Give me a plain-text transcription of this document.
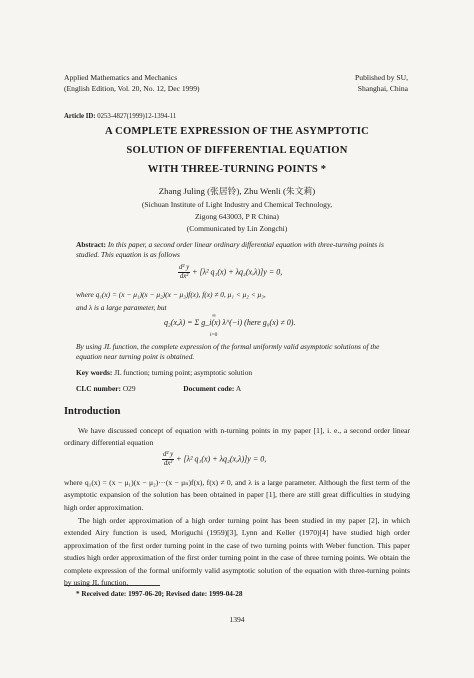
Applied Mathematics and Mechanics
(English Edition, Vol. 20, No. 12, Dec 1999)
Published by SU,
Shanghai, China
Article ID: 0253-4827(1999)12-1394-11
A COMPLETE EXPRESSION OF THE ASYMPTOTIC
SOLUTION OF DIFFERENTIAL EQUATION
WITH THREE-TURNING POINTS *
Zhang Juling (张居铃), Zhu Wenli (朱文莉)
(Sichuan Institute of Light Industry and Chemical Technology,
Zigong 643003, P R China)
(Communicated by Lin Zongchi)
Abstract: In this paper, a second order linear ordinary differential equation with three-turning points is studied. This equation is as follows
$\frac{\text{d² y}}{\text{dx²}} + [\lambda^2$ q₁(x) + λq₂(x,λ)]y = 0,
where q₁(x) = (x − μ₁)(x − μ₂)(x − μ₃)f(x), f(x) ≠ 0, μ₁ < μ₂ < μ₃,
and λ is a large parameter, but
q₂(x,λ) = Σ g_i(x) λ^(−i) (here g₀(x) ≠ 0).
∞
i=0
By using JL function, the complete expression of the formal uniformly valid asymptotic solutions of the equation near turning point is obtained.
Key words: JL function; turning point; asymptotic solution
CLC number: O29	Document code: A
Introduction
We have discussed concept of equation with n-turning points in my paper [1], i. e., a second order linear ordinary differential equation
$\frac{\text{d² y}}{\text{dx²}} + [\lambda^2$ q₁(x) + λq₂(x,λ)]y = 0,
where q₁(x) = (x − μ₁)(x − μ₂)···(x − μₙ)f(x), f(x) ≠ 0, and λ is a large parameter. Although the first term of the asymptotic expansion of the solution has been obtained in paper [1], there are still great difficulties in studying high order approximation.
The high order approximation of a high order turning point has been studied in my paper [2], in which extended Airy function is used, Moriguchi (1959)[3], Lynn and Keller (1970)[4] have studied high order approximation of the first order turning point in the case of two turning points with Weber function. This paper studies high order approximation of the first order turning point in the case of three turning points. We obtain the complete expression of the formal uniformly valid asymptotic solution of the equation with three-turning points by using JL function.
* Received date: 1997-06-20; Revised date: 1999-04-28
1394
